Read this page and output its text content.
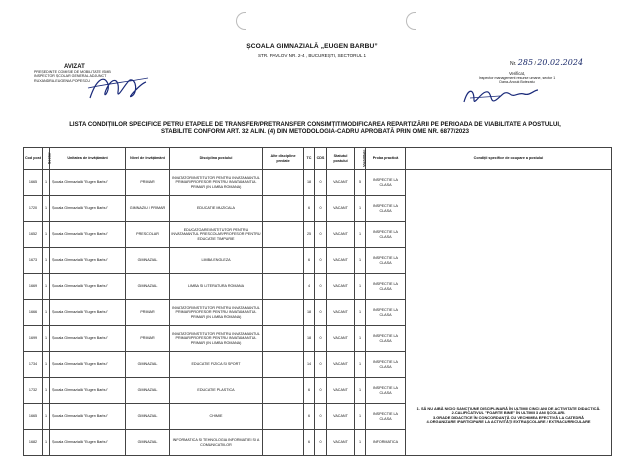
ȘCOALA GIMNAZIALĂ „EUGEN BARBU”
STR. PAVLOV NR. 2-4 , BUCUREȘTI, SECTORUL 1
AVIZAT
PREȘEDINTE COMISIE DE MOBILITATE ISMB
INSPECTOR ȘCOLAR GENERAL ADJUNCT
RUXANDRA-EUGENIA POPESCU
Nr. 285 / 20.02.2024
Verificat,
Inspector management resurse umane, sector 1
Dana-Anouk Botezatu
LISTA CONDIȚIILOR SPECIFICE PETRU ETAPELE DE TRANSFER/PRETRANSFER CONSIMȚIT/MODIFICAREA REPARTIZĂRII PE PERIOADA DE VIABILITATE A POSTULUI,
STABILITE CONFORM ART. 32 ALIN. (4) DIN METODOLOGIA-CADRU APROBATĂ PRIN OME NR. 6877/2023
Cod post	Sector	Unitatea de învățământ	Nivel de învățământ	Disciplina postului	Alte discipline predate	TC	CDS	Statutul postului	Viabilitate	Proba practică	Condiții specifice de ocupare a postului
1665	1	Școala Gimnazială "Eugen Barbu"	PRIMAR	INVATATOR/INSTITUTOR PENTRU INVATAMANTUL PRIMAR/PROFESOR PENTRU INVATAMANTUL PRIMAR (IN LIMBA ROMANA)		18	0	VACANT	5	INSPECTIE LA CLASA	1. SĂ NU AIBĂ NICIO SANCȚIUNE DISCIPLINARĂ ÎN ULTIMII CINCI ANI DE ACTIVITATE DIDACTICĂ.
2.CALIFICATIVUL "FOARTE BINE" ÎN ULTIMII 3 ANI ȘCOLARI.
3.GRADE DIDACTICE ÎN CONCORDANȚĂ CU VECHIMEA EFECTIVĂ LA CATEDRĂ
4.ORGANIZARE /PARTICIPARE LA ACTIVITĂȚI EXTRAȘCOLARE / EXTRACURRICULARE

1720	1	Școala Gimnazială "Eugen Barbu"	GIMNAZIU / PRIMAR	EDUCATIE MUZICALA		6	0	VACANT	1	INSPECTIE LA CLASA	
1652	1	Școala Gimnazială "Eugen Barbu"	PRESCOLAR	EDUCATOARE/INSTITUTOR PENTRU INVATAMANTUL PRESCOLAR/PROFESOR PENTRU EDUCATIE TIMPURIE		25	0	VACANT	1	INSPECTIE LA CLASA	
1673	1	Școala Gimnazială "Eugen Barbu"	GIMNAZIAL	LIMBA ENGLEZA		6	0	VACANT	1	INSPECTIE LA CLASA	
1669	1	Școala Gimnazială "Eugen Barbu"	GIMNAZIAL	LIMBA SI LITERATURA ROMANA		4	0	VACANT	1	INSPECTIE LA CLASA	
1666	1	Școala Gimnazială "Eugen Barbu"	PRIMAR	INVATATOR/INSTITUTOR PENTRU INVATAMANTUL PRIMAR/PROFESOR PENTRU INVATAMANTUL PRIMAR (IN LIMBA ROMANA)		18	0	VACANT	1	INSPECTIE LA CLASA	
1699	1	Școala Gimnazială "Eugen Barbu"	PRIMAR	INVATATOR/INSTITUTOR PENTRU INVATAMANTUL PRIMAR/PROFESOR PENTRU INVATAMANTUL PRIMAR (IN LIMBA ROMANA)		18	0	VACANT	1	INSPECTIE LA CLASA	
1734	1	Școala Gimnazială "Eugen Barbu"	GIMNAZIAL	EDUCATIE FIZICA SI SPORT		14	0	VACANT	1	INSPECTIE LA CLASA	
1732	1	Școala Gimnazială "Eugen Barbu"	GIMNAZIAL	EDUCATIE PLASTICA		6	0	VACANT	1	INSPECTIE LA CLASA	
1665	1	Școala Gimnazială "Eugen Barbu"	GIMNAZIAL	CHIMIE		6	0	VACANT	1	INSPECTIE LA CLASA	
1682	1	Școala Gimnazială "Eugen Barbu"	GIMNAZIAL	INFORMATICA SI TEHNOLOGIA INFORMATIEI SI A COMUNICATIILOR		6	0	VACANT	1	INFORMATICA	
